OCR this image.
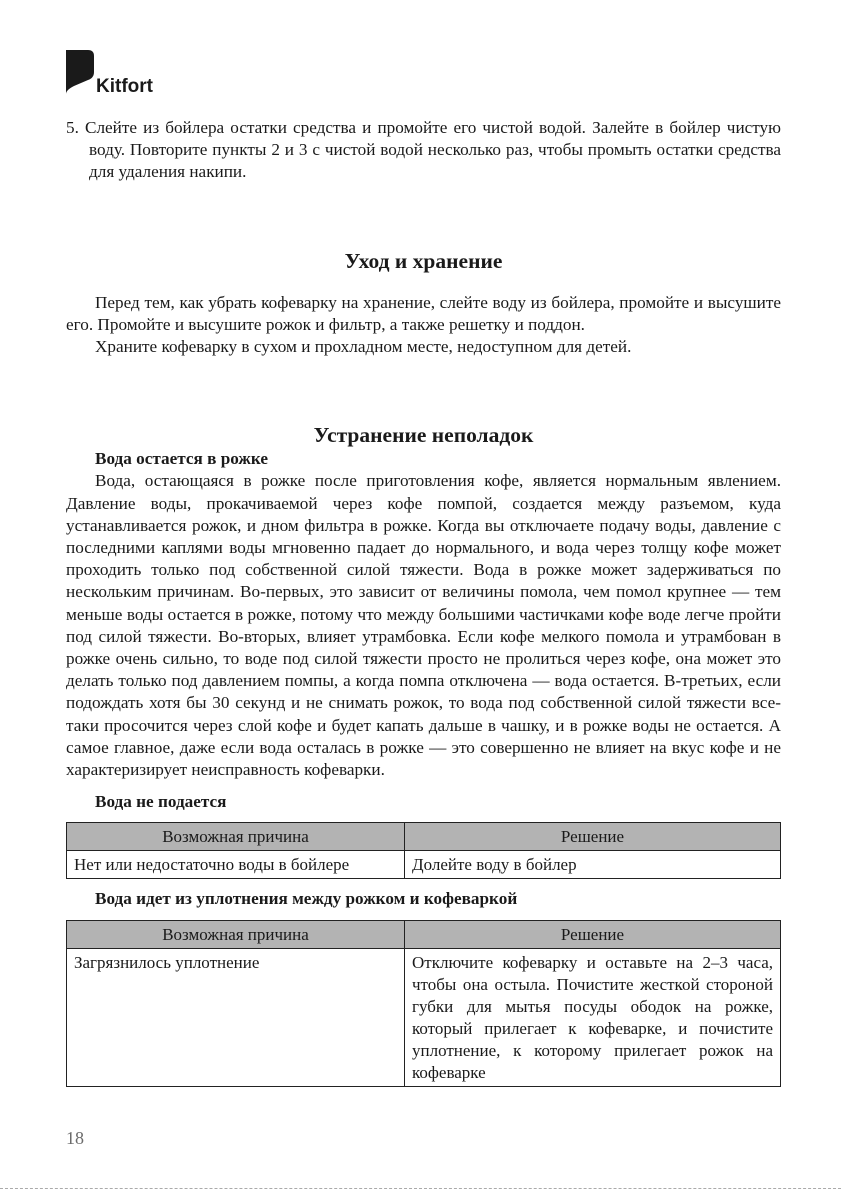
Kitfort

5. Слейте из бойлера остатки средства и промойте его чистой водой. Залейте в бойлер чистую воду. Повторите пункты 2 и 3 с чистой водой несколько раз, чтобы промыть остатки средства для удаления накипи.

Уход и хранение

Перед тем, как убрать кофеварку на хранение, слейте воду из бойлера, промойте и высушите его. Промойте и высушите рожок и фильтр, а также решетку и поддон.

Храните кофеварку в сухом и прохладном месте, недоступном для детей.

Устранение неполадок

Вода остается в рожке

Вода, остающаяся в рожке после приготовления кофе, является нормальным явлением. Давление воды, прокачиваемой через кофе помпой, создается между разъемом, куда устанавливается рожок, и дном фильтра в рожке. Когда вы отключаете подачу воды, давление с последними каплями воды мгновенно падает до нормального, и вода через толщу кофе может проходить только под собственной силой тяжести. Вода в рожке может задерживаться по нескольким причинам. Во-первых, это зависит от величины помола, чем помол крупнее — тем меньше воды остается в рожке, потому что между большими частичками кофе воде легче пройти под силой тяжести. Во-вторых, влияет утрамбовка. Если кофе мелкого помола и утрамбован в рожке очень сильно, то воде под силой тяжести просто не пролиться через кофе, она может это делать только под давлением помпы, а когда помпа отключена — вода остается. В-третьих, если подождать хотя бы 30 секунд и не снимать рожок, то вода под собственной силой тяжести все-таки просочится через слой кофе и будет капать дальше в чашку, и в рожке воды не остается. А самое главное, даже если вода осталась в рожке — это совершенно не влияет на вкус кофе и не характеризирует неисправность кофеварки.

Вода не подается

Возможная причина	Решение
Нет или недостаточно воды в бойлере	Долейте воду в бойлер

Вода идет из уплотнения между рожком и кофеваркой

Возможная причина	Решение
Загрязнилось уплотнение	Отключите кофеварку и оставьте на 2–3 часа, чтобы она остыла. Почистите жесткой стороной губки для мытья посуды ободок на рожке, который прилегает к кофеварке, и почистите уплотнение, к которому прилегает рожок на кофеварке
18
